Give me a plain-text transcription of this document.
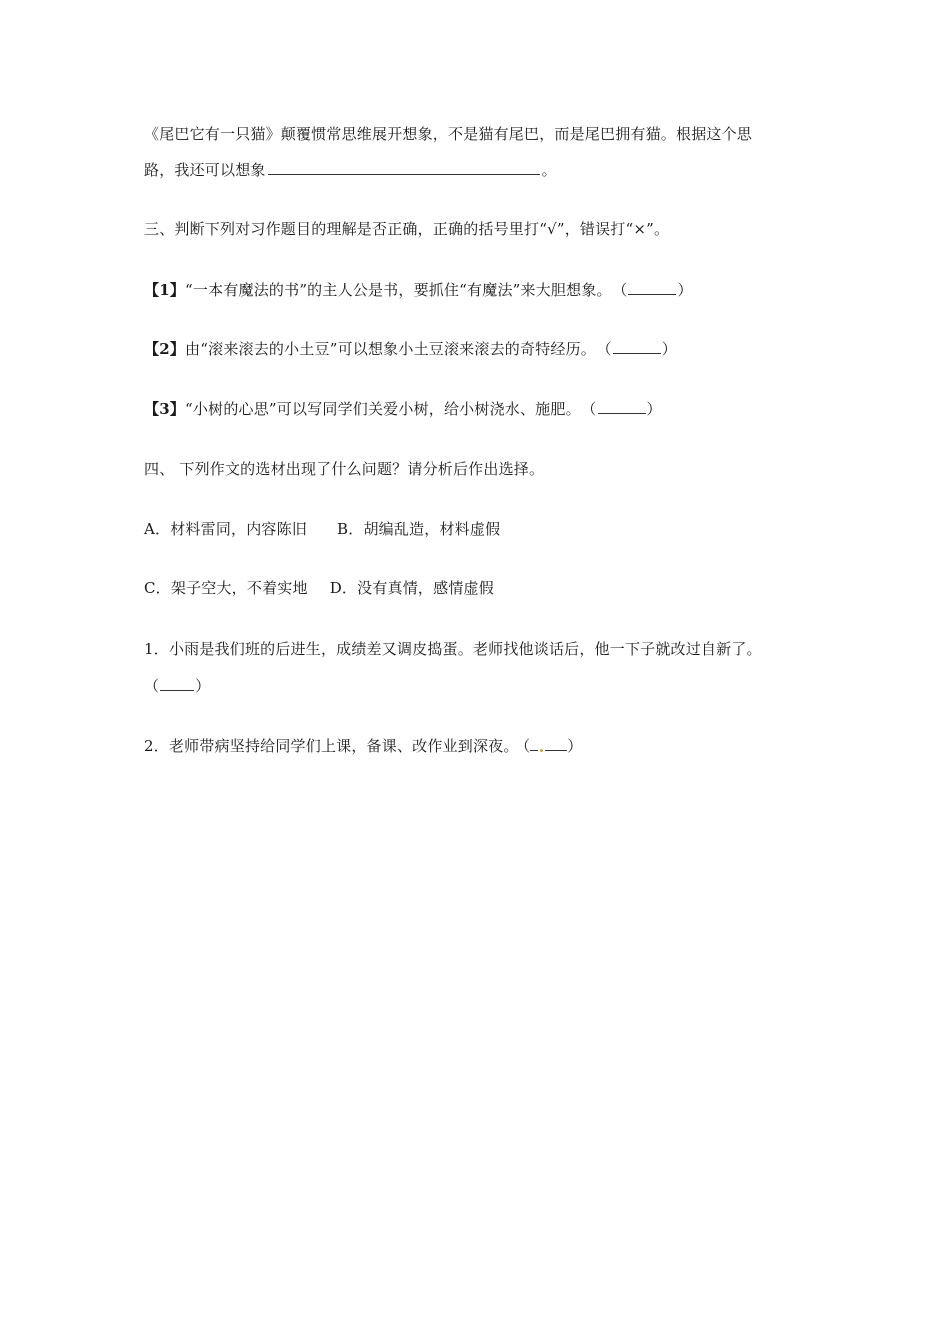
《尾巴它有一只猫》颠覆惯常思维展开想象，不是猫有尾巴，而是尾巴拥有猫。根据这个思
路，我还可以想象	。
三、判断下列对习作题目的理解是否正确，正确的括号里打“√”，错误打“×”。
【1】“一本有魔法的书”的主人公是书，要抓住“有魔法”来大胆想象。 （	）
【2】由“滚来滚去的小土豆”可以想象小土豆滚来滚去的奇特经历。 （	）
【3】“小树的心思”可以写同学们关爱小树，给小树浇水、施肥。 （	）
四、 下列作文的选材出现了什么问题？请分析后作出选择。
A．材料雷同，内容陈旧 B．胡编乱造，材料虚假
C．架子空大，不着实地 D．没有真情，感情虚假
1．小雨是我们班的后进生，成绩差又调皮捣蛋。老师找他谈话后，他一下子就改过自新了。
（ ）
2．老师带病坚持给同学们上课，备课、改作业到深夜。 （ ）
